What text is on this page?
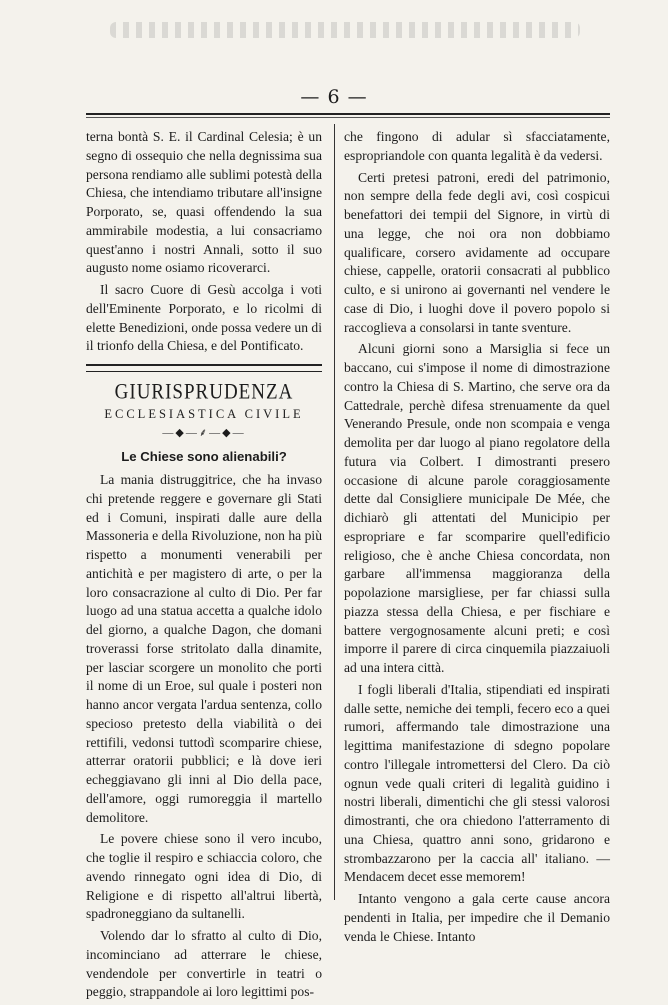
— 6 —

terna bontà S. E. il Cardinal Celesia; è un segno di ossequio che nella degnissima sua persona rendiamo alle sublimi potestà della Chiesa, che intendiamo tributare all'insigne Porporato, se, quasi offendendo la sua ammirabile modestia, a lui consacriamo quest'anno i nostri Annali, sotto il suo augusto nome osiamo ricoverarci.

Il sacro Cuore di Gesù accolga i voti dell'Eminente Porporato, e lo ricolmi di elette Benedizioni, onde possa vedere un di il trionfo della Chiesa, e del Pontificato.

GIURISPRUDENZA
ECCLESIASTICA CIVILE
—◆—⸙—◆—
Le Chiese sono alienabili?

La mania distruggitrice, che ha invaso chi pretende reggere e governare gli Stati ed i Comuni, inspirati dalle aure della Massoneria e della Rivoluzione, non ha più rispetto a monumenti venerabili per antichità e per magistero di arte, o per la loro consacrazione al culto di Dio. Per far luogo ad una statua accetta a qualche idolo del giorno, a qualche Dagon, che domani troverassi forse stritolato dalla dinamite, per lasciar scorgere un monolito che porti il nome di un Eroe, sul quale i posteri non hanno ancor vergata l'ardua sentenza, collo specioso pretesto della viabilità o dei rettifili, vedonsi tuttodì scomparire chiese, atterrar oratorii pubblici; e là dove ieri echeggiavano gli inni al Dio della pace, dell'amore, oggi rumoreggia il martello demolitore.

Le povere chiese sono il vero incubo, che toglie il respiro e schiaccia coloro, che avendo rinnegato ogni idea di Dio, di Religione e di rispetto all'altrui libertà, spadroneggiano da sultanelli.

Volendo dar lo sfratto al culto di Dio, incominciano ad atterrare le chiese, vendendole per convertirle in teatri o peggio, strappandole ai loro legittimi pos-

che fingono di adular sì sfacciatamente, espropriandole con quanta legalità è da vedersi.

Certi pretesi patroni, eredi del patrimonio, non sempre della fede degli avi, così cospicui benefattori dei tempii del Signore, in virtù di una legge, che noi ora non dobbiamo qualificare, corsero avidamente ad occupare chiese, cappelle, oratorii consacrati al pubblico culto, e si unirono ai governanti nel vendere le case di Dio, i luoghi dove il povero popolo si raccoglieva a consolarsi in tante sventure.

Alcuni giorni sono a Marsiglia si fece un baccano, cui s'impose il nome di dimostrazione contro la Chiesa di S. Martino, che serve ora da Cattedrale, perchè difesa strenuamente da quel Venerando Presule, onde non scompaia e venga demolita per dar luogo al piano regolatore della futura via Colbert. I dimostranti presero occasione di alcune parole coraggiosamente dette dal Consigliere municipale De Mée, che dichiarò gli attentati del Municipio per espropriare e far scomparire quell'edificio religioso, che è anche Chiesa concordata, non garbare all'immensa maggioranza della popolazione marsigliese, per far chiassi sulla piazza stessa della Chiesa, e per fischiare e battere vergognosamente alcuni preti; e così imporre il parere di circa cinquemila piazzaiuoli ad una intera città.

I fogli liberali d'Italia, stipendiati ed inspirati dalle sette, nemiche dei templi, fecero eco a quei rumori, affermando tale dimostrazione una legittima manifestazione di sdegno popolare contro l'illegale intromettersi del Clero. Da ciò ognun vede quali criteri di legalità guidino i nostri liberali, dimentichi che gli stessi valorosi dimostranti, che ora chiedono l'atterramento di una Chiesa, quattro anni sono, gridarono e strombazzarono per la caccia all' italiano. — Mendacem decet esse memorem!

Intanto vengono a gala certe cause ancora pendenti in Italia, per impedire che il Demanio venda le Chiese. Intanto
